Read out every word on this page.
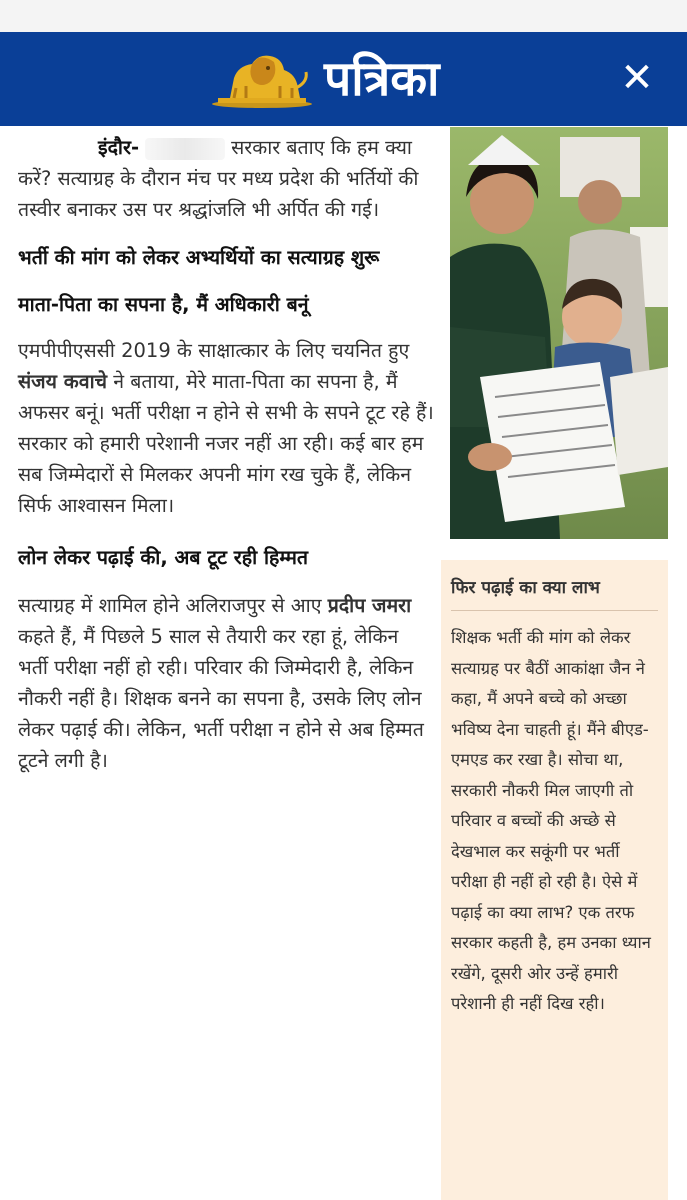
पत्रिका	✕

इंदौर-	सरकार बताए कि हम क्या करें? सत्याग्रह के दौरान मंच पर मध्य प्रदेश की भर्तियों की तस्वीर बनाकर उस पर श्रद्धांजलि भी अर्पित की गई।

भर्ती की मांग को लेकर अभ्यर्थियों का सत्याग्रह शुरू
माता-पिता का सपना है, मैं अधिकारी बनूं

एमपीपीएससी 2019 के साक्षात्कार के लिए चयनित हुए संजय कवाचे ने बताया, मेरे माता-पिता का सपना है, मैं अफसर बनूं। भर्ती परीक्षा न होने से सभी के सपने टूट रहे हैं। सरकार को हमारी परेशानी नजर नहीं आ रही। कई बार हम सब जिम्मेदारों से मिलकर अपनी मांग रख चुके हैं, लेकिन सिर्फ आश्वासन मिला।

लोन लेकर पढ़ाई की, अब टूट रही हिम्मत

सत्याग्रह में शामिल होने अलिराजपुर से आए प्रदीप जमरा कहते हैं, मैं पिछले 5 साल से तैयारी कर रहा हूं, लेकिन भर्ती परीक्षा नहीं हो रही। परिवार की जिम्मेदारी है, लेकिन नौकरी नहीं है। शिक्षक बनने का सपना है, उसके लिए लोन लेकर पढ़ाई की। लेकिन, भर्ती परीक्षा न होने से अब हिम्मत टूटने लगी है।

फिर पढ़ाई का क्या लाभ

शिक्षक भर्ती की मांग को लेकर सत्याग्रह पर बैठीं आकांक्षा जैन ने कहा, मैं अपने बच्चे को अच्छा भविष्य देना चाहती हूं। मैंने बीएड-एमएड कर रखा है। सोचा था, सरकारी नौकरी मिल जाएगी तो परिवार व बच्चों की अच्छे से देखभाल कर सकूंगी पर भर्ती परीक्षा ही नहीं हो रही है। ऐसे में पढ़ाई का क्या लाभ? एक तरफ सरकार कहती है, हम उनका ध्यान रखेंगे, दूसरी ओर उन्हें हमारी परेशानी ही नहीं दिख रही।
